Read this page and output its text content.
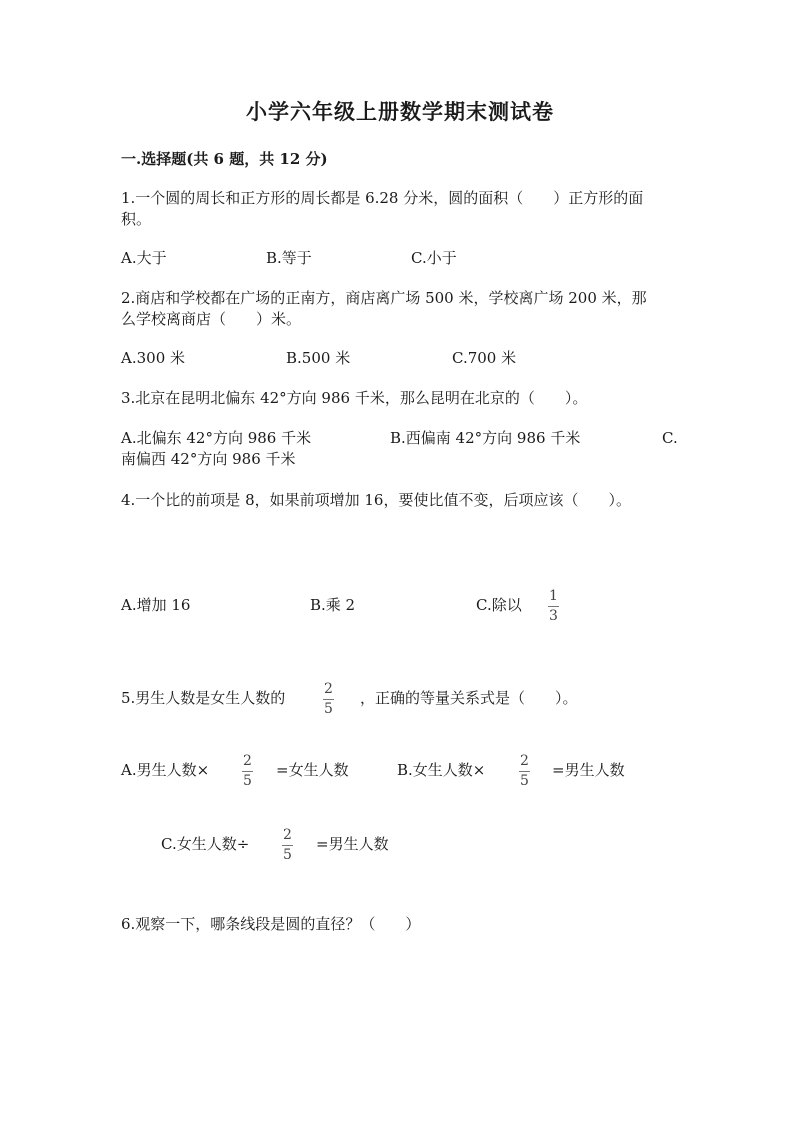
小学六年级上册数学期末测试卷
一.选择题(共 6 题，共 12 分)
1.一个圆的周长和正方形的周长都是 6.28 分米，圆的面积（　　）正方形的面
积。
A.大于	B.等于	C.小于
2.商店和学校都在广场的正南方，商店离广场 500 米，学校离广场 200 米，那
么学校离商店（　　）米。
A.300 米	B.500 米	C.700 米
3.北京在昆明北偏东 42°方向 986 千米，那么昆明在北京的（　　）。
A.北偏东 42°方向 986 千米	B.西偏南 42°方向 986 千米	C.
南偏西 42°方向 986 千米
4.一个比的前项是 8，如果前项增加 16，要使比值不变，后项应该（　　）。
A.增加 16	B.乘 2	C.除以 1
3
5.男生人数是女生人数的	2
5
，正确的等量关系式是（　　）。
A.男生人数× 2
5
=女生人数	B.女生人数× 2
5
=男生人数
C.女生人数÷ 2
5
=男生人数
6.观察一下，哪条线段是圆的直径？（　　）
